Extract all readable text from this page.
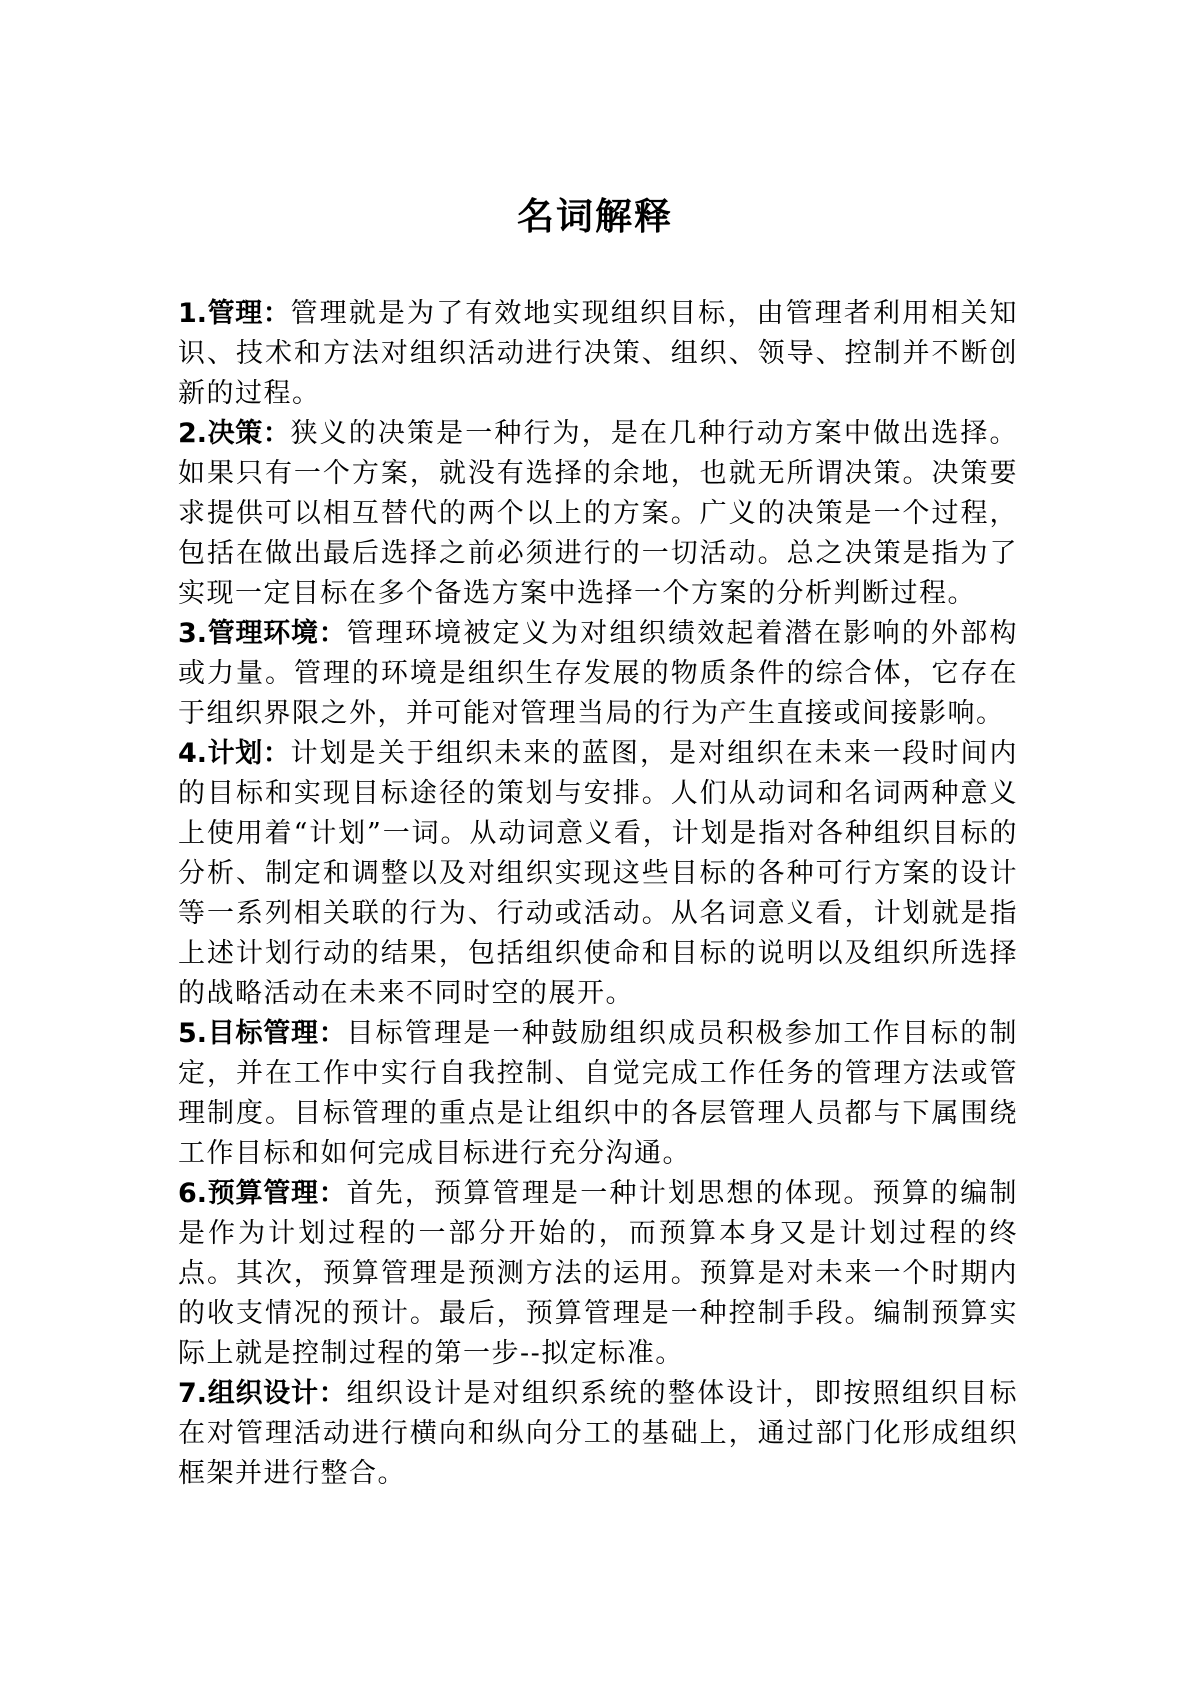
名词解释
1.管理：管理就是为了有效地实现组织目标，由管理者利用相关知识、技术和方法对组织活动进行决策、组织、领导、控制并不断创新的过程。
2.决策：狭义的决策是一种行为，是在几种行动方案中做出选择。如果只有一个方案，就没有选择的余地，也就无所谓决策。决策要求提供可以相互替代的两个以上的方案。广义的决策是一个过程，包括在做出最后选择之前必须进行的一切活动。总之决策是指为了实现一定目标在多个备选方案中选择一个方案的分析判断过程。
3.管理环境：管理环境被定义为对组织绩效起着潜在影响的外部构或力量。管理的环境是组织生存发展的物质条件的综合体，它存在于组织界限之外，并可能对管理当局的行为产生直接或间接影响。
4.计划：计划是关于组织未来的蓝图，是对组织在未来一段时间内的目标和实现目标途径的策划与安排。人们从动词和名词两种意义上使用着“计划”一词。从动词意义看，计划是指对各种组织目标的分析、制定和调整以及对组织实现这些目标的各种可行方案的设计等一系列相关联的行为、行动或活动。从名词意义看，计划就是指上述计划行动的结果，包括组织使命和目标的说明以及组织所选择的战略活动在未来不同时空的展开。
5.目标管理：目标管理是一种鼓励组织成员积极参加工作目标的制定，并在工作中实行自我控制、自觉完成工作任务的管理方法或管理制度。目标管理的重点是让组织中的各层管理人员都与下属围绕工作目标和如何完成目标进行充分沟通。
6.预算管理：首先，预算管理是一种计划思想的体现。预算的编制是作为计划过程的一部分开始的，而预算本身又是计划过程的终点。其次，预算管理是预测方法的运用。预算是对未来一个时期内的收支情况的预计。最后，预算管理是一种控制手段。编制预算实际上就是控制过程的第一步--拟定标准。
7.组织设计：组织设计是对组织系统的整体设计，即按照组织目标在对管理活动进行横向和纵向分工的基础上，通过部门化形成组织框架并进行整合。
